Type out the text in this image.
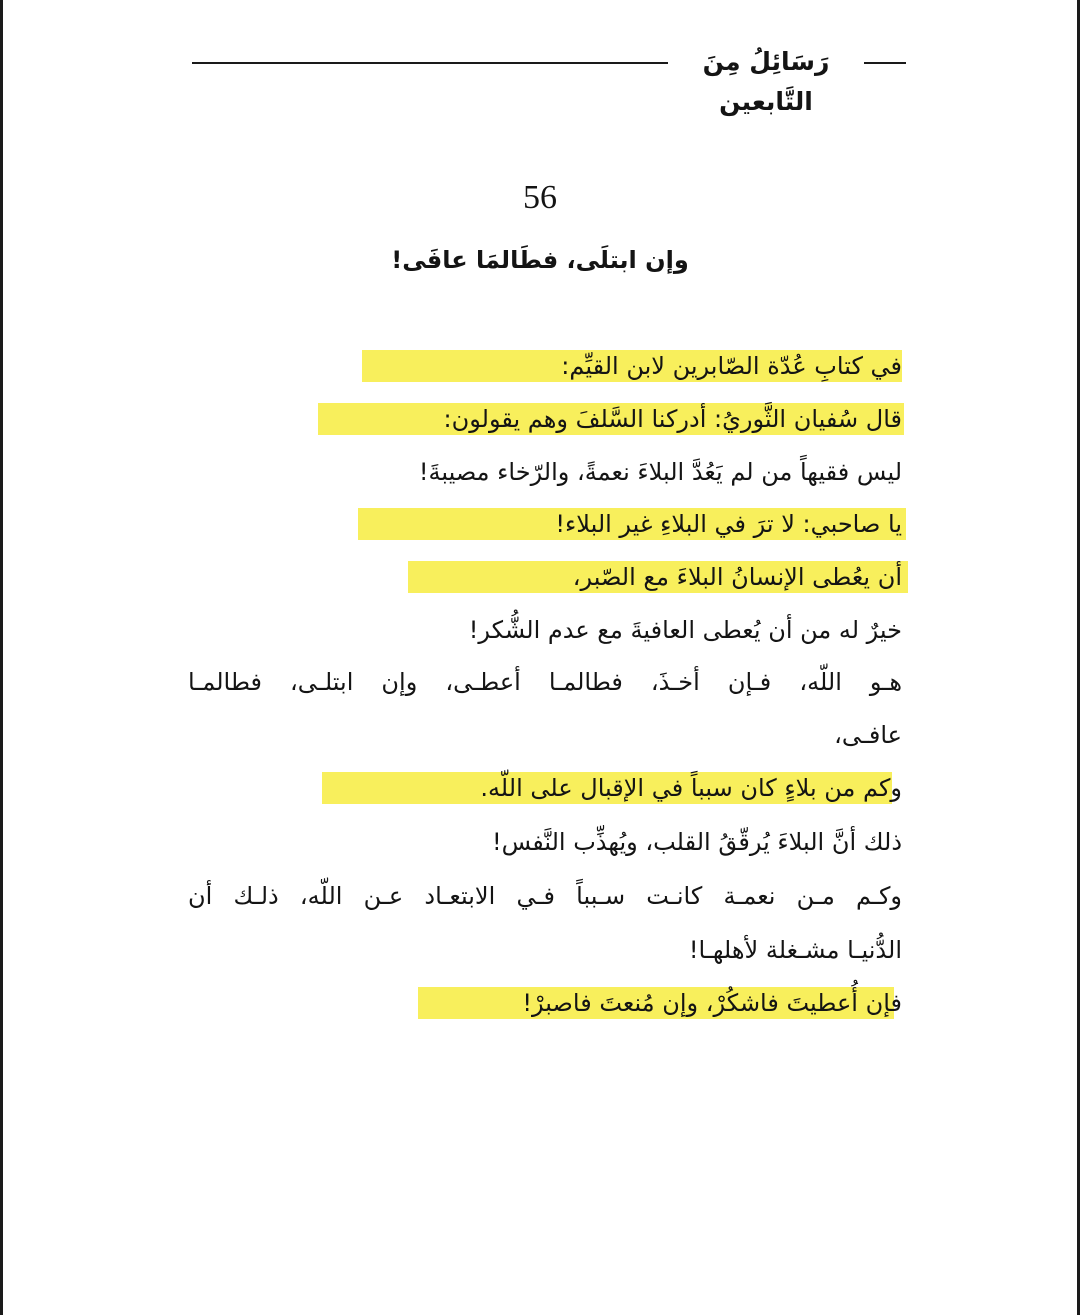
رَسَائِلُ مِنَ التَّابعين
56
وإن ابتلَى، فطَالمَا عافَى!
في كتابِ عُدّة الصّابرين لابن القيِّم:
قال سُفيان الثَّوريُ: أدركنا السَّلفَ وهم يقولون:
ليس فقيهاً من لم يَعُدَّ البلاءَ نعمةً، والرّخاء مصيبةَ!
يا صاحبي: لا ترَ في البلاءِ غير البلاء!
أن يعُطى الإنسانُ البلاءَ مع الصّبر،
خيرٌ له من أن يُعطى العافيةَ مع عدم الشُّكر!
هـو اللّه، فـإن أخـذَ، فطالمـا أعطـى، وإن ابتلـى، فطالمـا
عافـى،
وكم من بلاءٍ كان سبباً في الإقبال على اللّه.
ذلك أنَّ البلاءَ يُرقّقُ القلب، ويُهذِّب النَّفس!
وكـم مـن نعمـة كانـت سـبباً فـي الابتعـاد عـن اللّه، ذلـك أن
الدُّنيـا مشـغلة لأهلهـا!
فإن أُعطيتَ فاشكُرْ، وإن مُنعتَ فاصبرْ!
